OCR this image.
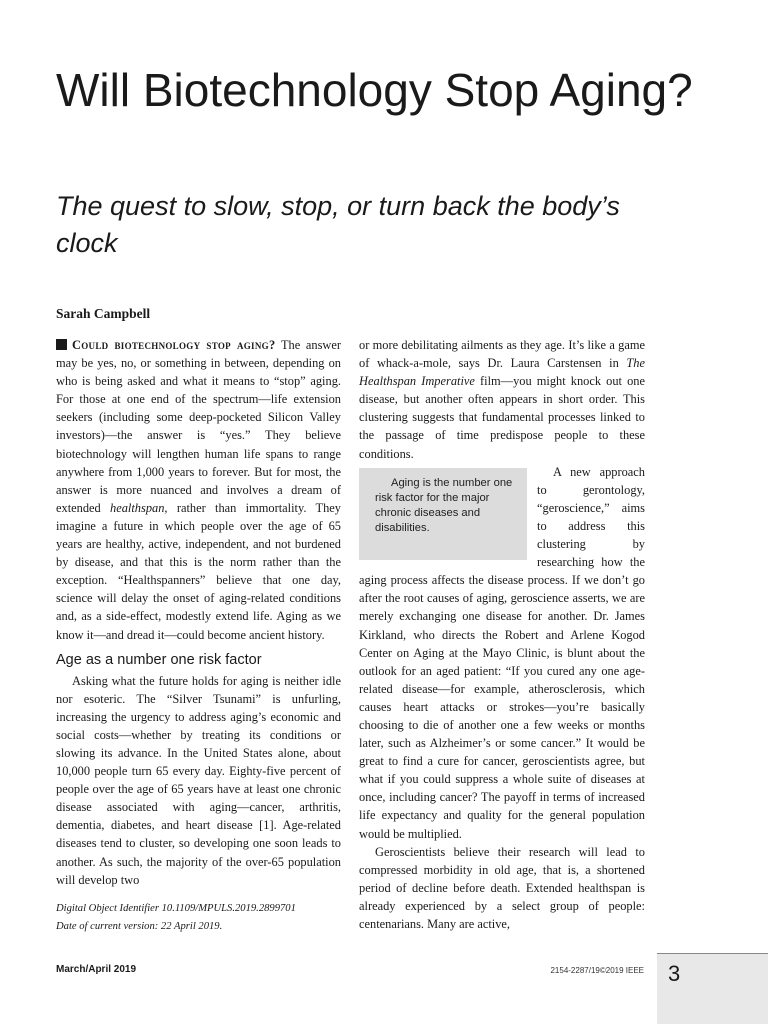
Will Biotechnology Stop Aging?
The quest to slow, stop, or turn back the body’s clock
Sarah Campbell

Could biotechnology stop aging? The answer may be yes, no, or something in between, depending on who is being asked and what it means to “stop” aging. For those at one end of the spectrum—life extension seekers (including some deep-pocketed Silicon Valley investors)—the answer is “yes.” They believe biotechnology will lengthen human life spans to range anywhere from 1,000 years to forever. But for most, the answer is more nuanced and involves a dream of extended healthspan, rather than immortality. They imagine a future in which people over the age of 65 years are healthy, active, independent, and not burdened by disease, and that this is the norm rather than the exception. “Healthspanners” believe that one day, science will delay the onset of aging-related conditions and, as a side-effect, modestly extend life. Aging as we know it—and dread it—could become ancient history.

Age as a number one risk factor

Asking what the future holds for aging is neither idle nor esoteric. The “Silver Tsunami” is unfurling, increasing the urgency to address aging’s economic and social costs—whether by treating its conditions or slowing its advance. In the United States alone, about 10,000 people turn 65 every day. Eighty-five percent of people over the age of 65 years have at least one chronic disease associated with aging—cancer, arthritis, dementia, diabetes, and heart disease [1]. Age-related diseases tend to cluster, so developing one soon leads to another. As such, the majority of the over-65 population will develop two

Digital Object Identifier 10.1109/MPULS.2019.2899701
Date of current version: 22 April 2019.

or more debilitating ailments as they age. It’s like a game of whack-a-mole, says Dr. Laura Carstensen in The Healthspan Imperative film—you might knock out one disease, but another often appears in short order. This clustering suggests that fundamental processes linked to the passage of time predispose people to these conditions.

Aging is the number one risk factor for the major chronic diseases and disabilities.
A new approach to gerontology, “geroscience,” aims to address this clustering by researching how the aging process affects the disease process. If we don’t go after the root causes of aging, geroscience asserts, we are merely exchanging one disease for another. Dr. James Kirkland, who directs the Robert and Arlene Kogod Center on Aging at the Mayo Clinic, is blunt about the outlook for an aged patient: “If you cured any one age-related disease—for example, atherosclerosis, which causes heart attacks or strokes—you’re basically choosing to die of another one a few weeks or months later, such as Alzheimer’s or some cancer.” It would be great to find a cure for cancer, geroscientists agree, but what if you could suppress a whole suite of diseases at once, including cancer? The payoff in terms of increased life expectancy and quality for the general population would be multiplied.

Geroscientists believe their research will lead to compressed morbidity in old age, that is, a shortened period of decline before death. Extended healthspan is already experienced by a select group of people: centenarians. Many are active,

March/April 2019	2154-2287/19©2019 IEEE 3
